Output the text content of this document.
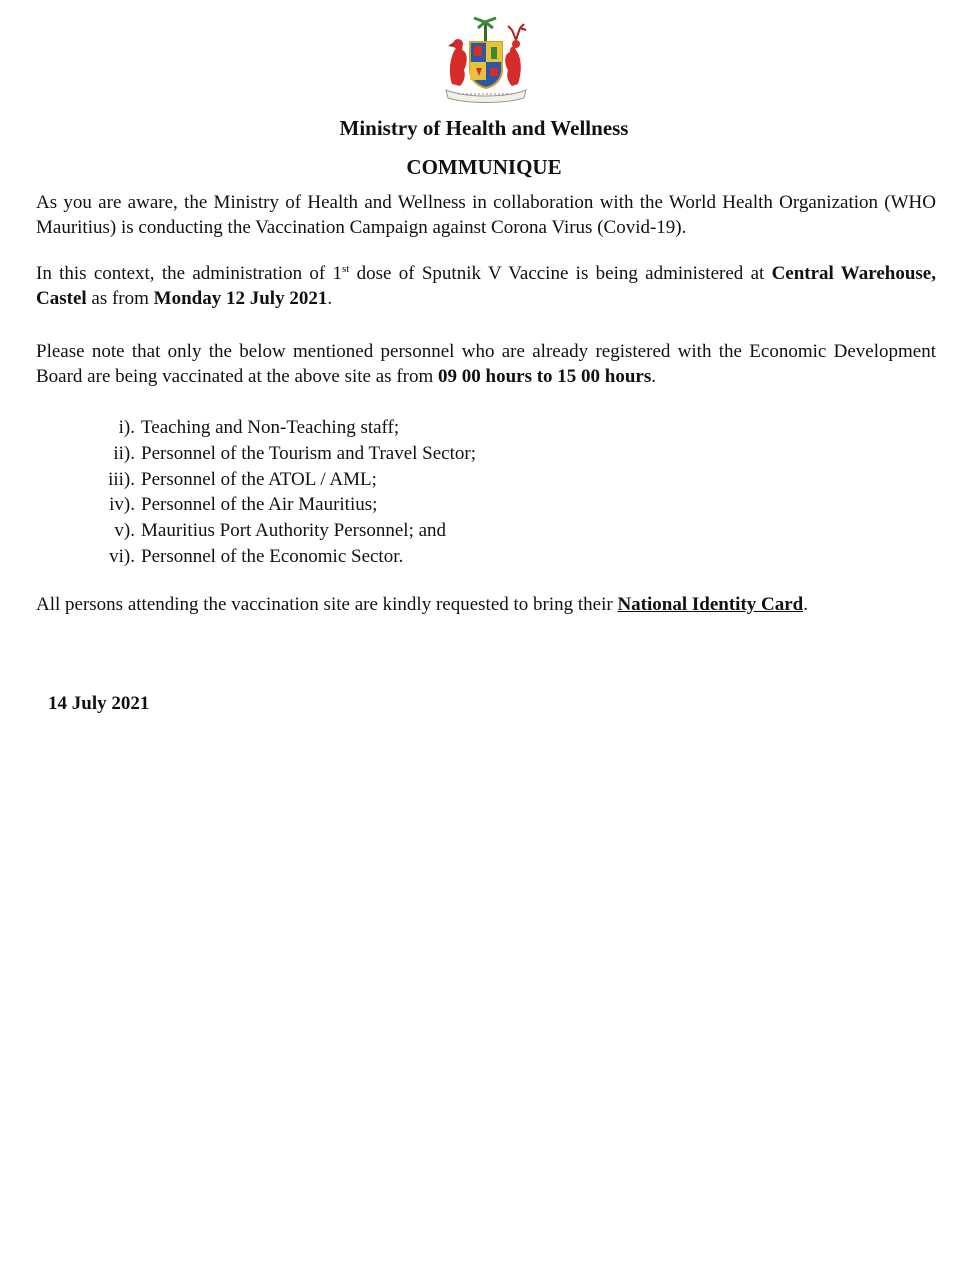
Ministry of Health and Wellness
COMMUNIQUE
As you are aware, the Ministry of Health and Wellness in collaboration with the World Health Organization (WHO Mauritius) is conducting the Vaccination Campaign against Corona Virus (Covid-19).
In this context, the administration of 1st dose of Sputnik V Vaccine is being administered at Central Warehouse, Castel as from Monday 12 July 2021.
Please note that only the below mentioned personnel who are already registered with the Economic Development Board are being vaccinated at the above site as from 09 00 hours to 15 00 hours.
i). Teaching and Non-Teaching staff;
ii). Personnel of the Tourism and Travel Sector;
iii). Personnel of the ATOL / AML;
iv). Personnel of the Air Mauritius;
v). Mauritius Port Authority Personnel; and
vi). Personnel of the Economic Sector.
All persons attending the vaccination site are kindly requested to bring their National Identity Card.
14 July 2021
